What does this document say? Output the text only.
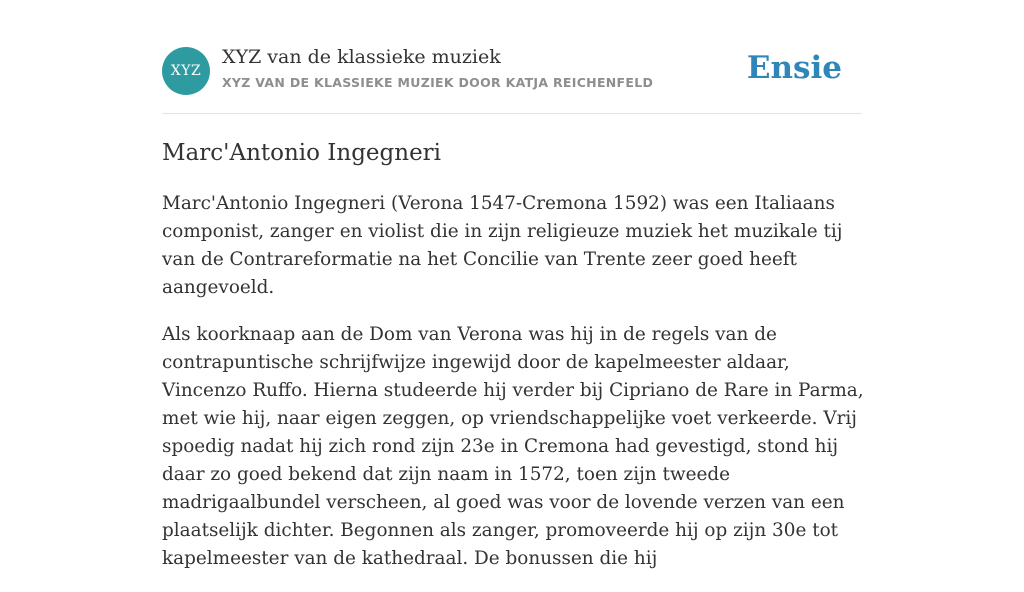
XYZ
XYZ van de klassieke muziek
XYZ VAN DE KLASSIEKE MUZIEK DOOR KATJA REICHENFELD	Ensie
Marc'Antonio Ingegneri

Marc'Antonio Ingegneri (Verona 1547-Cremona 1592) was een Italiaans componist, zanger en violist die in zijn religieuze muziek het muzikale tij van de Contrareformatie na het Concilie van Trente zeer goed heeft aangevoeld.

Als koorknaap aan de Dom van Verona was hij in de regels van de contrapuntische schrijfwijze ingewijd door de kapelmeester aldaar, Vincenzo Ruffo. Hierna studeerde hij verder bij Cipriano de Rare in Parma, met wie hij, naar eigen zeggen, op vriendschappelijke voet verkeerde. Vrij spoedig nadat hij zich rond zijn 23e in Cremona had gevestigd, stond hij daar zo goed bekend dat zijn naam in 1572, toen zijn tweede madrigaalbundel verscheen, al goed was voor de lovende verzen van een plaatselijk dichter. Begonnen als zanger, promoveerde hij op zijn 30e tot kapelmeester van de kathedraal. De bonussen die hij
